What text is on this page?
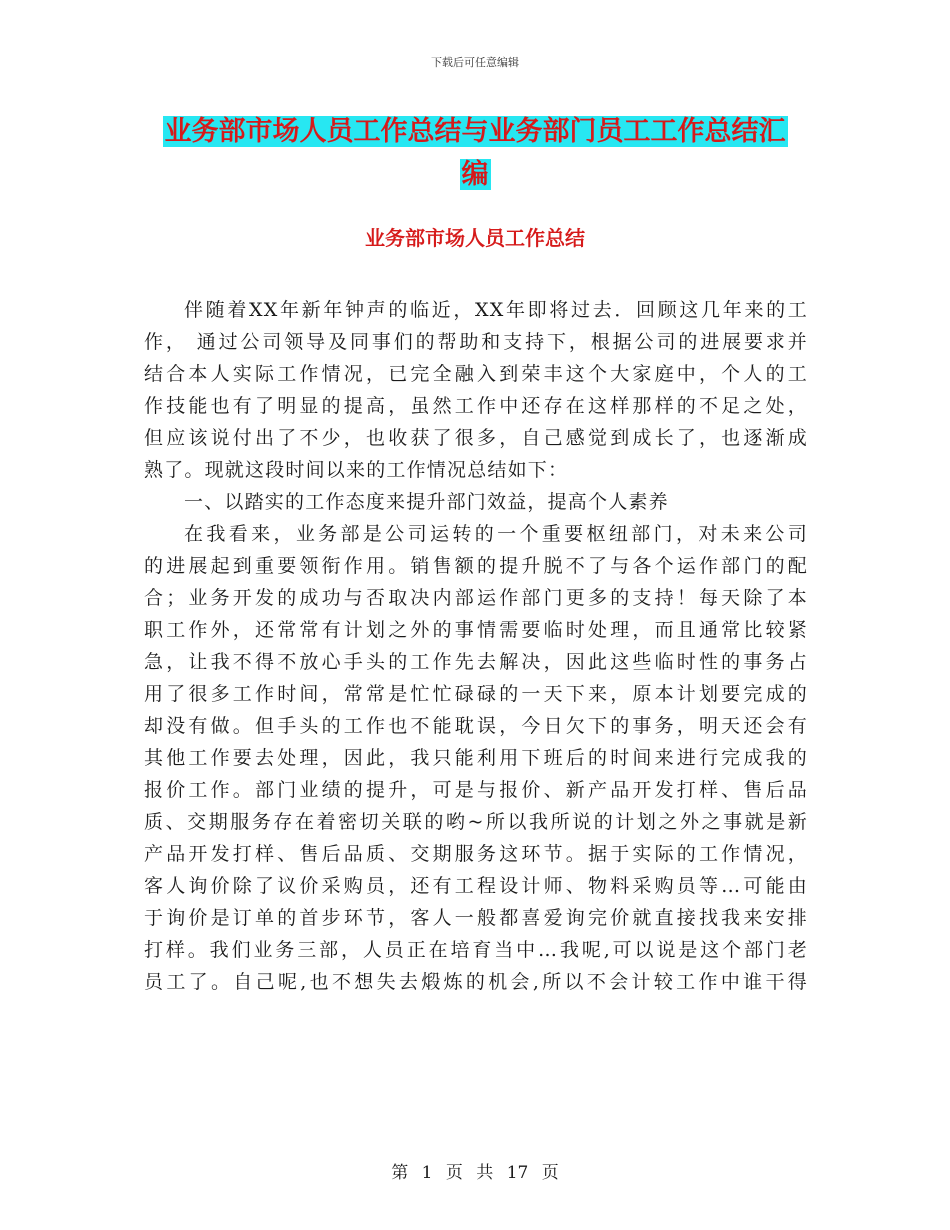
下载后可任意编辑
业务部市场人员工作总结与业务部门员工工作总结汇
编
业务部市场人员工作总结
伴随着XX年新年钟声的临近，XX年即将过去．回顾这几年来的工
作， 通过公司领导及同事们的帮助和支持下，根据公司的进展要求并
结合本人实际工作情况，已完全融入到荣丰这个大家庭中，个人的工
作技能也有了明显的提高，虽然工作中还存在这样那样的不足之处，
但应该说付出了不少，也收获了很多，自己感觉到成长了，也逐渐成
熟了。现就这段时间以来的工作情况总结如下：
一、以踏实的工作态度来提升部门效益，提高个人素养
在我看来，业务部是公司运转的一个重要枢纽部门，对未来公司
的进展起到重要领衔作用。销售额的提升脱不了与各个运作部门的配
合；业务开发的成功与否取决内部运作部门更多的支持！每天除了本
职工作外，还常常有计划之外的事情需要临时处理，而且通常比较紧
急，让我不得不放心手头的工作先去解决，因此这些临时性的事务占
用了很多工作时间，常常是忙忙碌碌的一天下来，原本计划要完成的
却没有做。但手头的工作也不能耽误，今日欠下的事务，明天还会有
其他工作要去处理，因此，我只能利用下班后的时间来进行完成我的
报价工作。部门业绩的提升，可是与报价、新产品开发打样、售后品
质、交期服务存在着密切关联的哟~所以我所说的计划之外之事就是新
产品开发打样、售后品质、交期服务这环节。据于实际的工作情况，
客人询价除了议价采购员，还有工程设计师、物料采购员等…可能由
于询价是订单的首步环节，客人一般都喜爱询完价就直接找我来安排
打样。我们业务三部，人员正在培育当中…我呢,可以说是这个部门老
员工了。自己呢,也不想失去煅炼的机会,所以不会计较工作中谁干得
第 1 页 共 17 页
